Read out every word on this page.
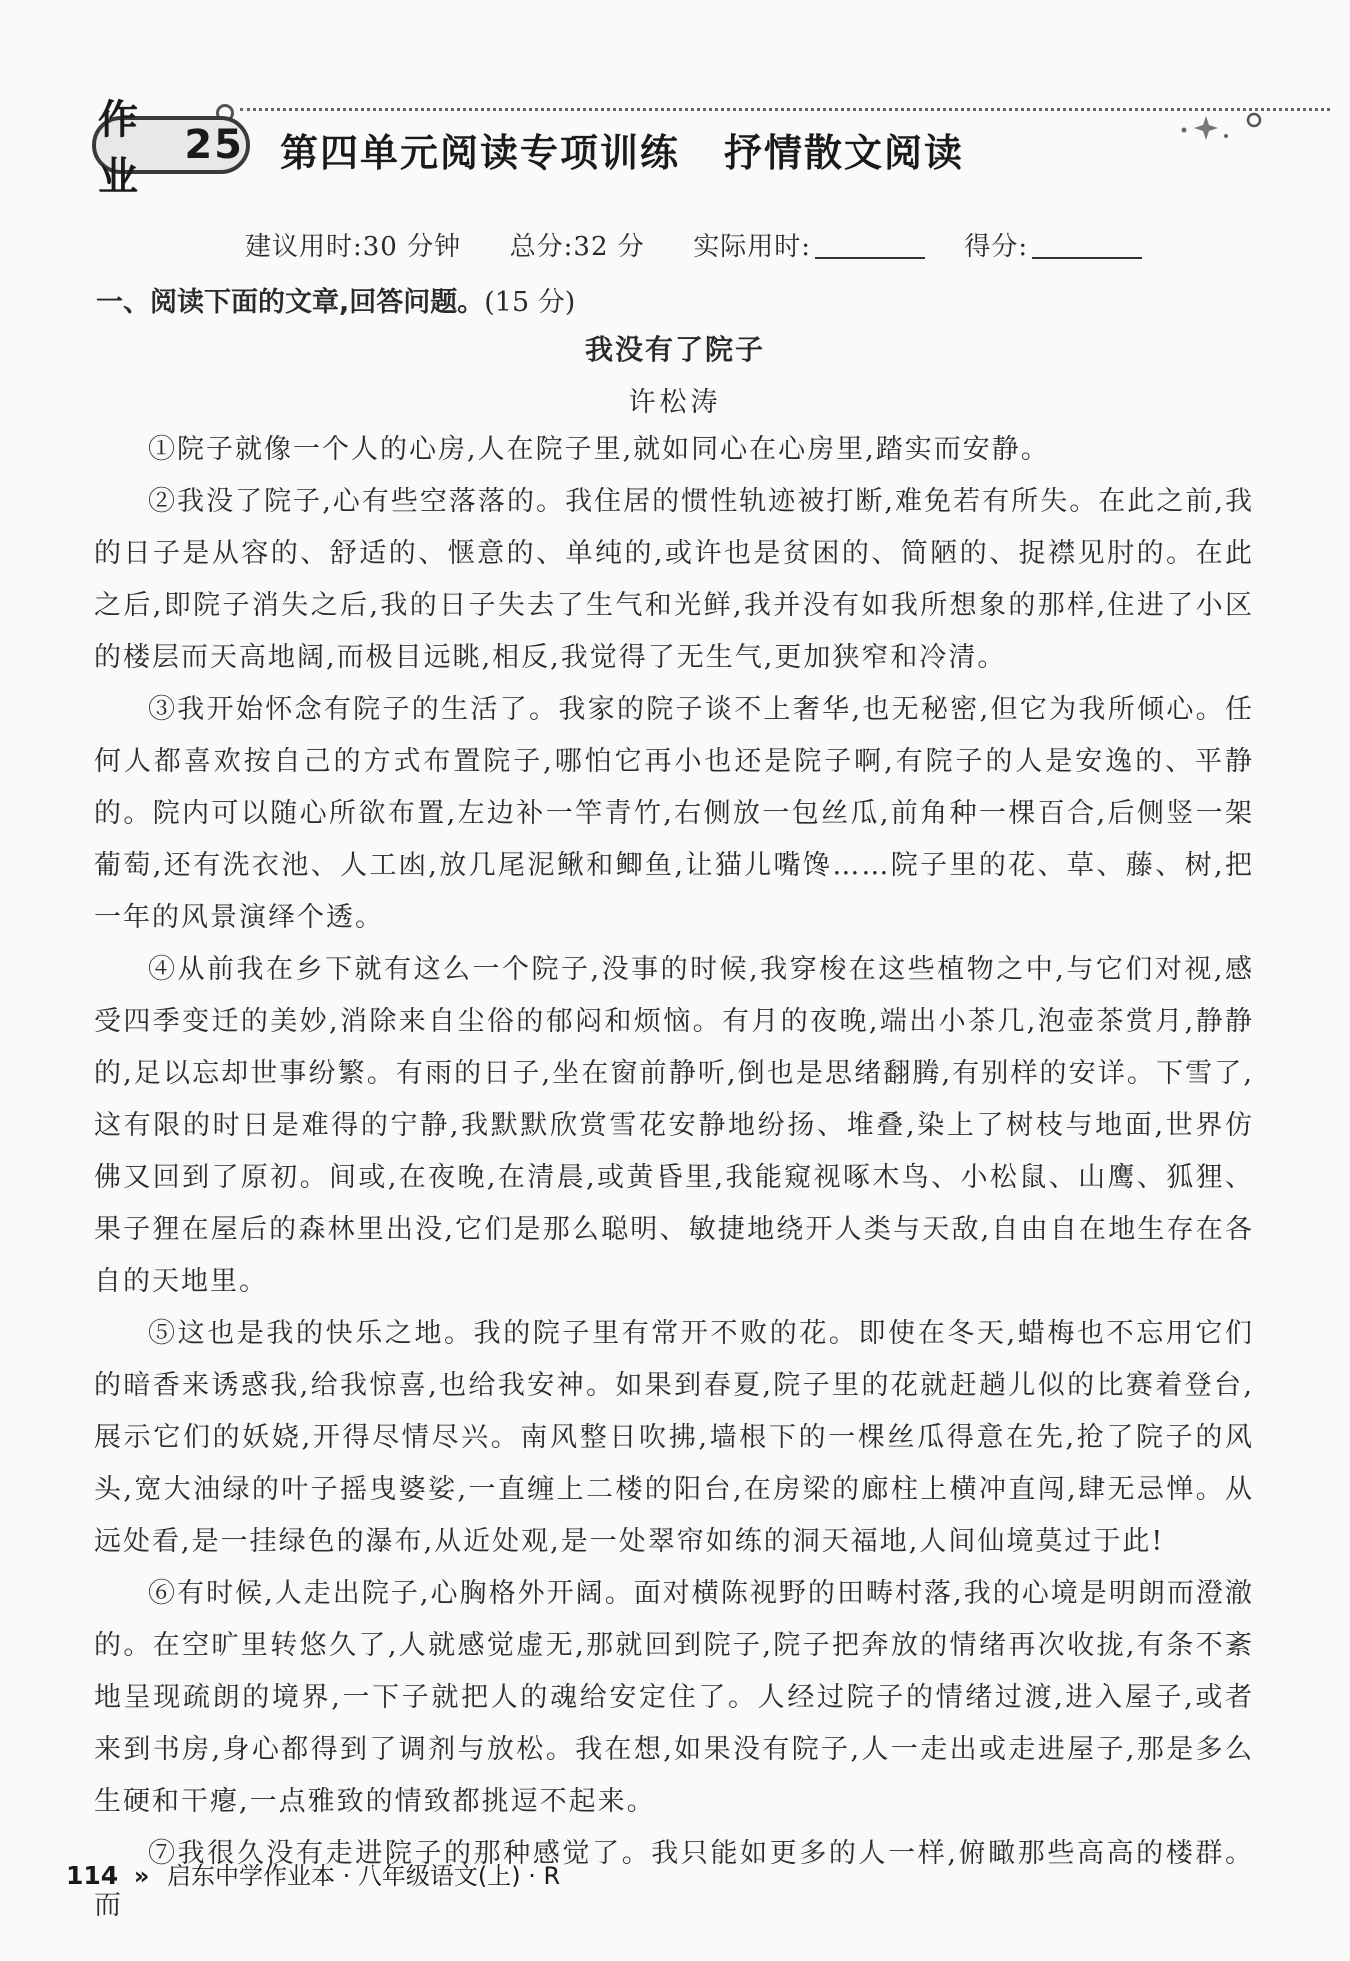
作业
25 第四单元阅读专项训练 抒情散文阅读
建议用时:30 分钟 总分:32 分 实际用时:	得分:
一、阅读下面的文章,回答问题。(15 分)
我没有了院子
许松涛

①院子就像一个人的心房,人在院子里,就如同心在心房里,踏实而安静。

②我没了院子,心有些空落落的。我住居的惯性轨迹被打断,难免若有所失。在此之前,我的日子是从容的、舒适的、惬意的、单纯的,或许也是贫困的、简陋的、捉襟见肘的。在此之后,即院子消失之后,我的日子失去了生气和光鲜,我并没有如我所想象的那样,住进了小区的楼层而天高地阔,而极目远眺,相反,我觉得了无生气,更加狭窄和冷清。

③我开始怀念有院子的生活了。我家的院子谈不上奢华,也无秘密,但它为我所倾心。任何人都喜欢按自己的方式布置院子,哪怕它再小也还是院子啊,有院子的人是安逸的、平静的。院内可以随心所欲布置,左边补一竿青竹,右侧放一包丝瓜,前角种一棵百合,后侧竖一架葡萄,还有洗衣池、人工凼,放几尾泥鳅和鲫鱼,让猫儿嘴馋……院子里的花、草、藤、树,把一年的风景演绎个透。

④从前我在乡下就有这么一个院子,没事的时候,我穿梭在这些植物之中,与它们对视,感受四季变迁的美妙,消除来自尘俗的郁闷和烦恼。有月的夜晚,端出小茶几,泡壶茶赏月,静静的,足以忘却世事纷繁。有雨的日子,坐在窗前静听,倒也是思绪翻腾,有别样的安详。下雪了,这有限的时日是难得的宁静,我默默欣赏雪花安静地纷扬、堆叠,染上了树枝与地面,世界仿佛又回到了原初。间或,在夜晚,在清晨,或黄昏里,我能窥视啄木鸟、小松鼠、山鹰、狐狸、果子狸在屋后的森林里出没,它们是那么聪明、敏捷地绕开人类与天敌,自由自在地生存在各自的天地里。

⑤这也是我的快乐之地。我的院子里有常开不败的花。即使在冬天,蜡梅也不忘用它们的暗香来诱惑我,给我惊喜,也给我安神。如果到春夏,院子里的花就赶趟儿似的比赛着登台,展示它们的妖娆,开得尽情尽兴。南风整日吹拂,墙根下的一棵丝瓜得意在先,抢了院子的风头,宽大油绿的叶子摇曳婆娑,一直缠上二楼的阳台,在房梁的廊柱上横冲直闯,肆无忌惮。从远处看,是一挂绿色的瀑布,从近处观,是一处翠帘如练的洞天福地,人间仙境莫过于此!

⑥有时候,人走出院子,心胸格外开阔。面对横陈视野的田畴村落,我的心境是明朗而澄澈的。在空旷里转悠久了,人就感觉虚无,那就回到院子,院子把奔放的情绪再次收拢,有条不紊地呈现疏朗的境界,一下子就把人的魂给安定住了。人经过院子的情绪过渡,进入屋子,或者来到书房,身心都得到了调剂与放松。我在想,如果没有院子,人一走出或走进屋子,那是多么生硬和干瘪,一点雅致的情致都挑逗不起来。

⑦我很久没有走进院子的那种感觉了。我只能如更多的人一样,俯瞰那些高高的楼群。而

114 » 启东中学作业本 · 八年级语文(上) · R
